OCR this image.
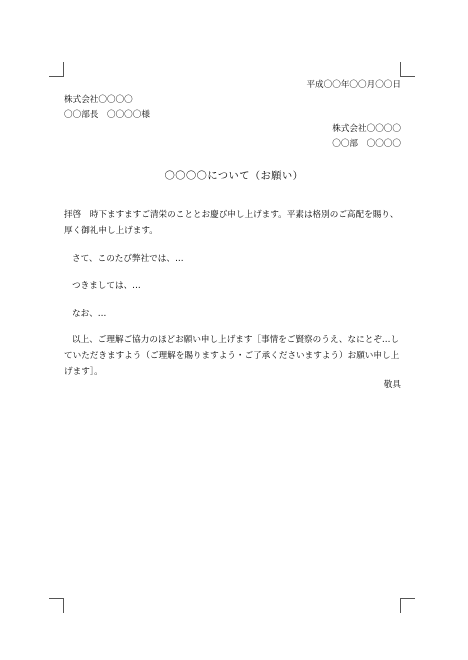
平成〇〇年〇〇月〇〇日
株式会社〇〇〇〇
〇〇部長　〇〇〇〇様
株式会社〇〇〇〇
〇〇部　〇〇〇〇
〇〇〇〇について（お願い）
拝啓　時下ますますご清栄のこととお慶び申し上げます。平素は格別のご高配を賜り、厚く御礼申し上げます。
さて、このたび弊社では、…
つきましては、…
なお、…
以上、ご理解ご協力のほどお願い申し上げます［事情をご賢察のうえ、なにとぞ…していただきますよう（ご理解を賜りますよう・ご了承くださいますよう）お願い申し上げます］。
敬具
